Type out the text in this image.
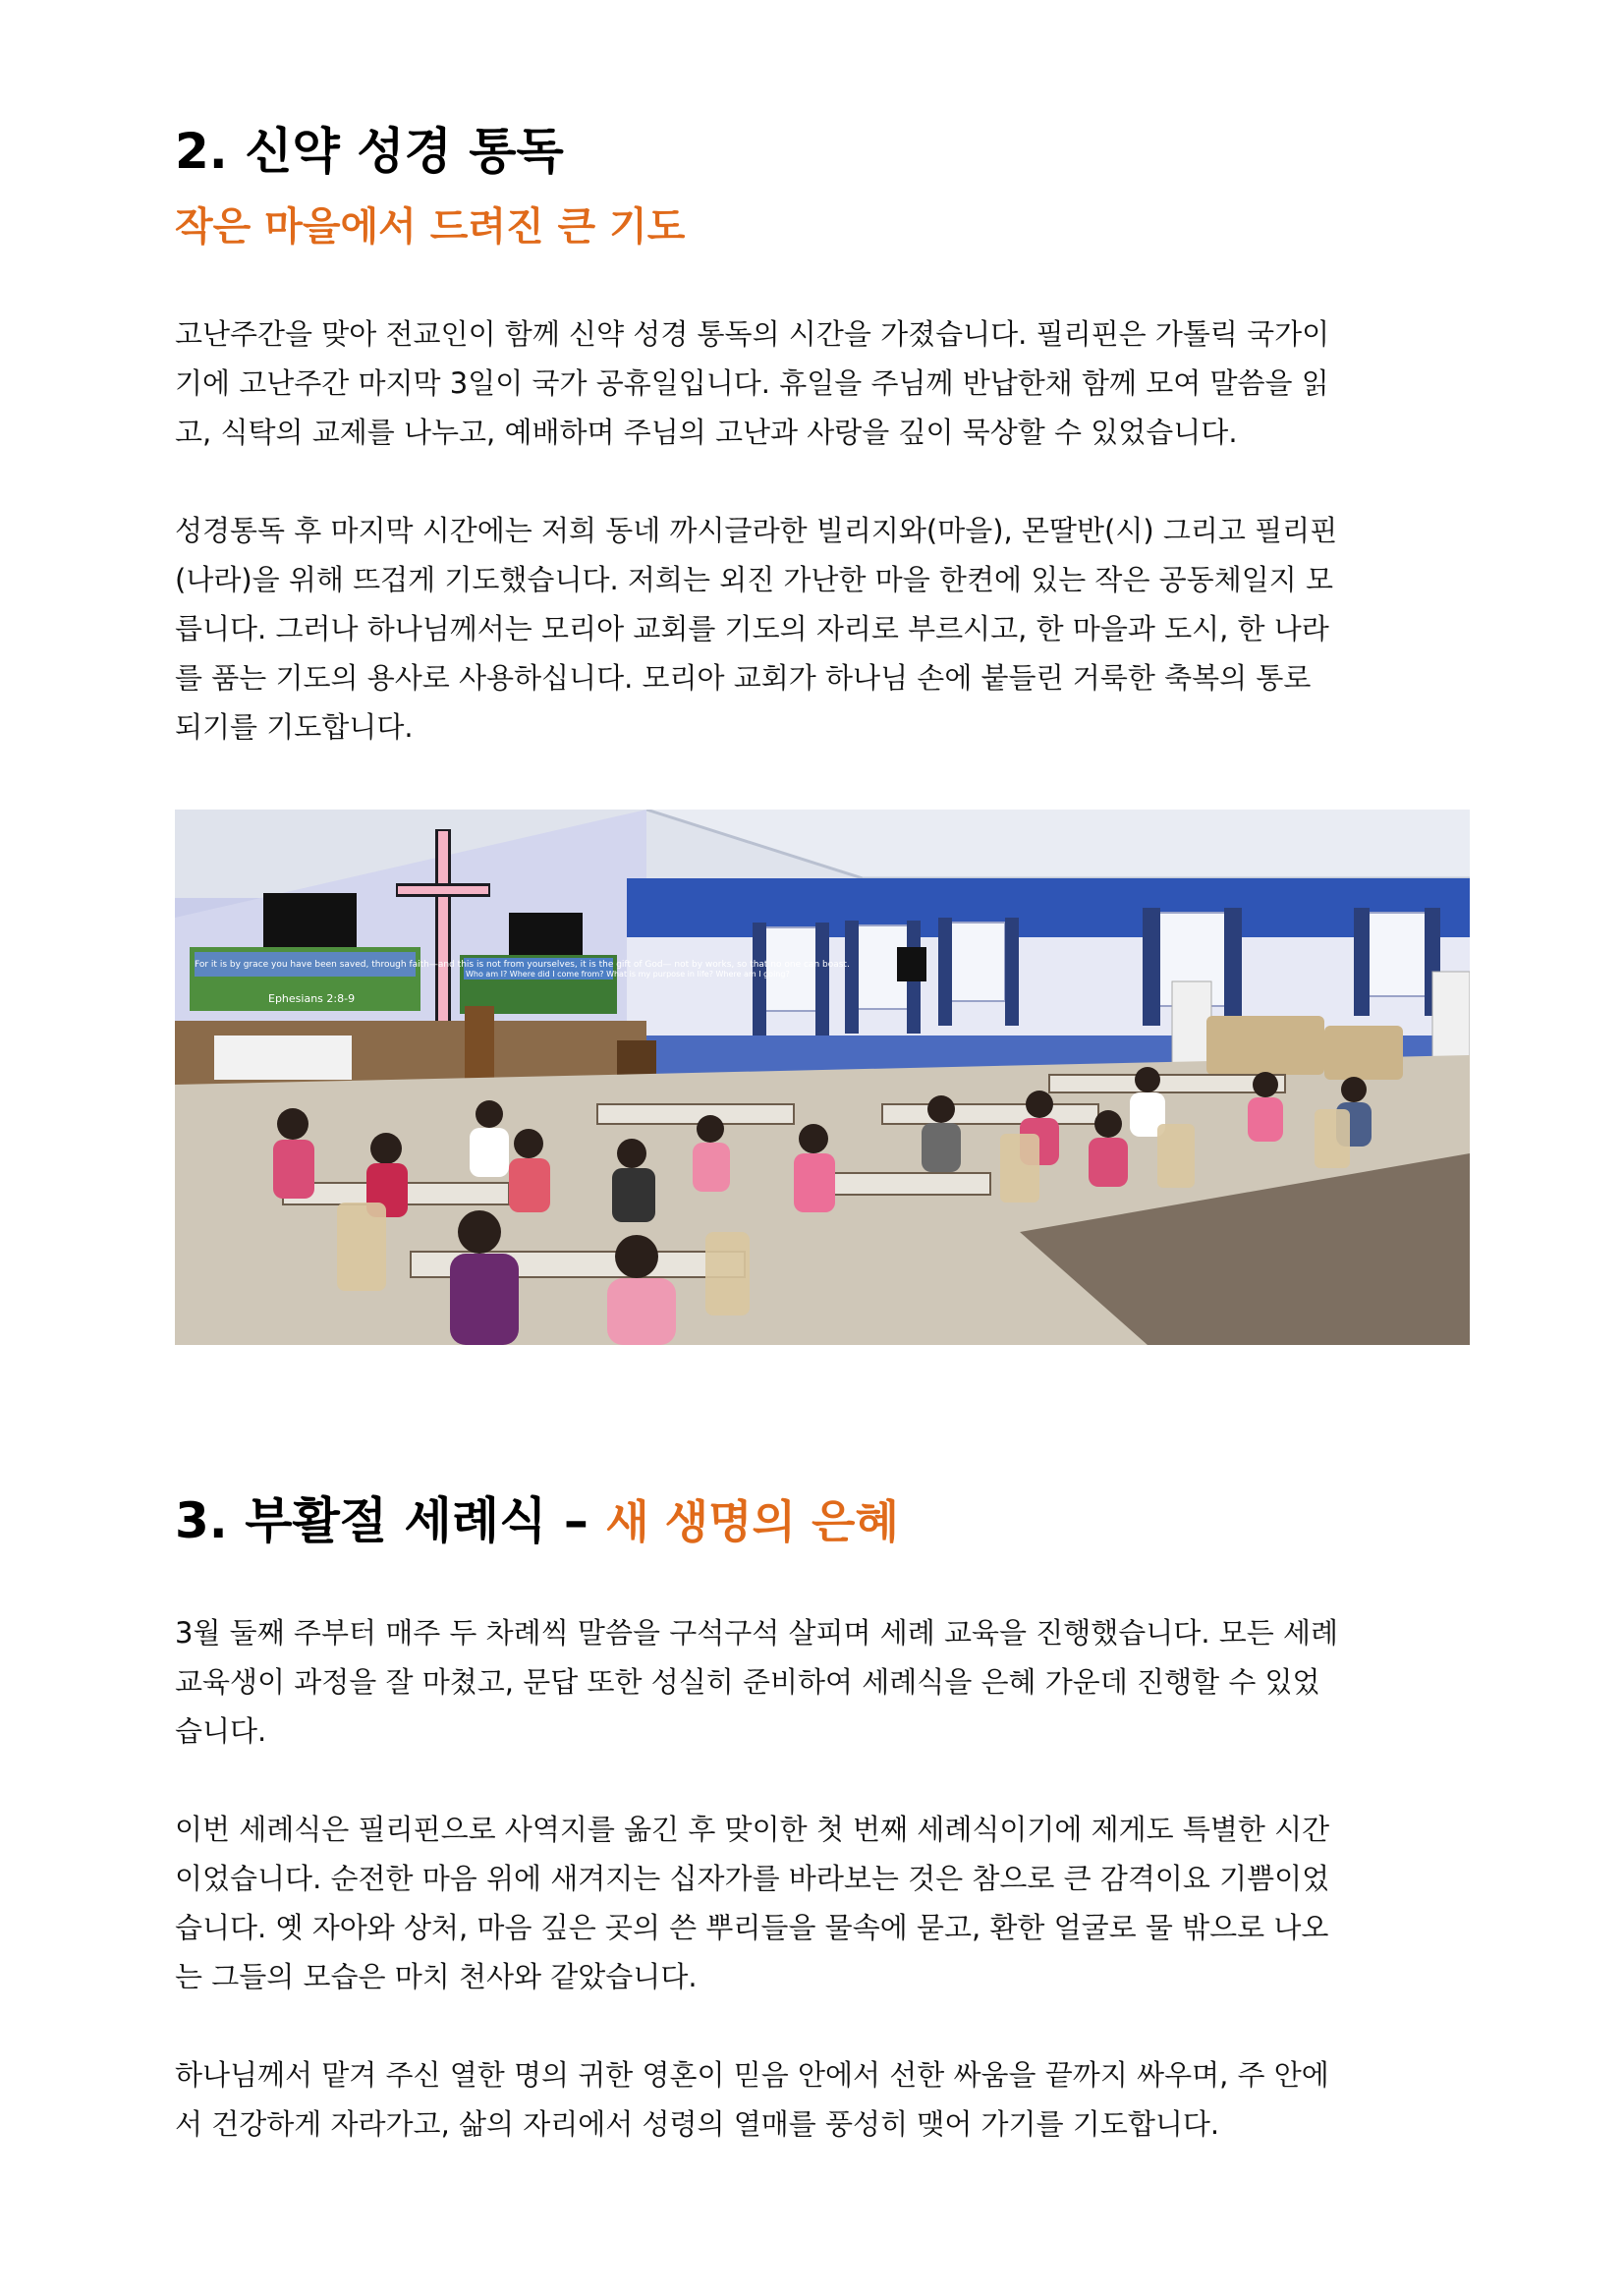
2. 신약 성경 통독
작은 마을에서 드려진 큰 기도
고난주간을 맞아 전교인이 함께 신약 성경 통독의 시간을 가졌습니다. 필리핀은 가톨릭 국가이
기에 고난주간 마지막 3일이 국가 공휴일입니다. 휴일을 주님께 반납한채 함께 모여 말씀을 읽
고, 식탁의 교제를 나누고, 예배하며 주님의 고난과 사랑을 깊이 묵상할 수 있었습니다.
성경통독 후 마지막 시간에는 저희 동네 까시글라한 빌리지와(마을), 몬딸반(시) 그리고 필리핀
(나라)을 위해 뜨겁게 기도했습니다. 저희는 외진 가난한 마을 한켠에 있는 작은 공동체일지 모
릅니다. 그러나 하나님께서는 모리아 교회를 기도의 자리로 부르시고, 한 마을과 도시, 한 나라
를 품는 기도의 용사로 사용하십니다. 모리아 교회가 하나님 손에 붙들린 거룩한 축복의 통로
되기를 기도합니다.
For it is by grace you have been saved, through faith—and this is not from yourselves, it is the gift of God— not by works, so that no one can boast.
Ephesians 2:8-9
Who am I? Where did I come from? What is my purpose in life? Where am I going?
3. 부활절 세례식 – 새 생명의 은혜
3월 둘째 주부터 매주 두 차례씩 말씀을 구석구석 살피며 세례 교육을 진행했습니다. 모든 세례
교육생이 과정을 잘 마쳤고, 문답 또한 성실히 준비하여 세례식을 은혜 가운데 진행할 수 있었
습니다.
이번 세례식은 필리핀으로 사역지를 옮긴 후 맞이한 첫 번째 세례식이기에 제게도 특별한 시간
이었습니다. 순전한 마음 위에 새겨지는 십자가를 바라보는 것은 참으로 큰 감격이요 기쁨이었
습니다. 옛 자아와 상처, 마음 깊은 곳의 쓴 뿌리들을 물속에 묻고, 환한 얼굴로 물 밖으로 나오
는 그들의 모습은 마치 천사와 같았습니다.
하나님께서 맡겨 주신 열한 명의 귀한 영혼이 믿음 안에서 선한 싸움을 끝까지 싸우며, 주 안에
서 건강하게 자라가고, 삶의 자리에서 성령의 열매를 풍성히 맺어 가기를 기도합니다.
